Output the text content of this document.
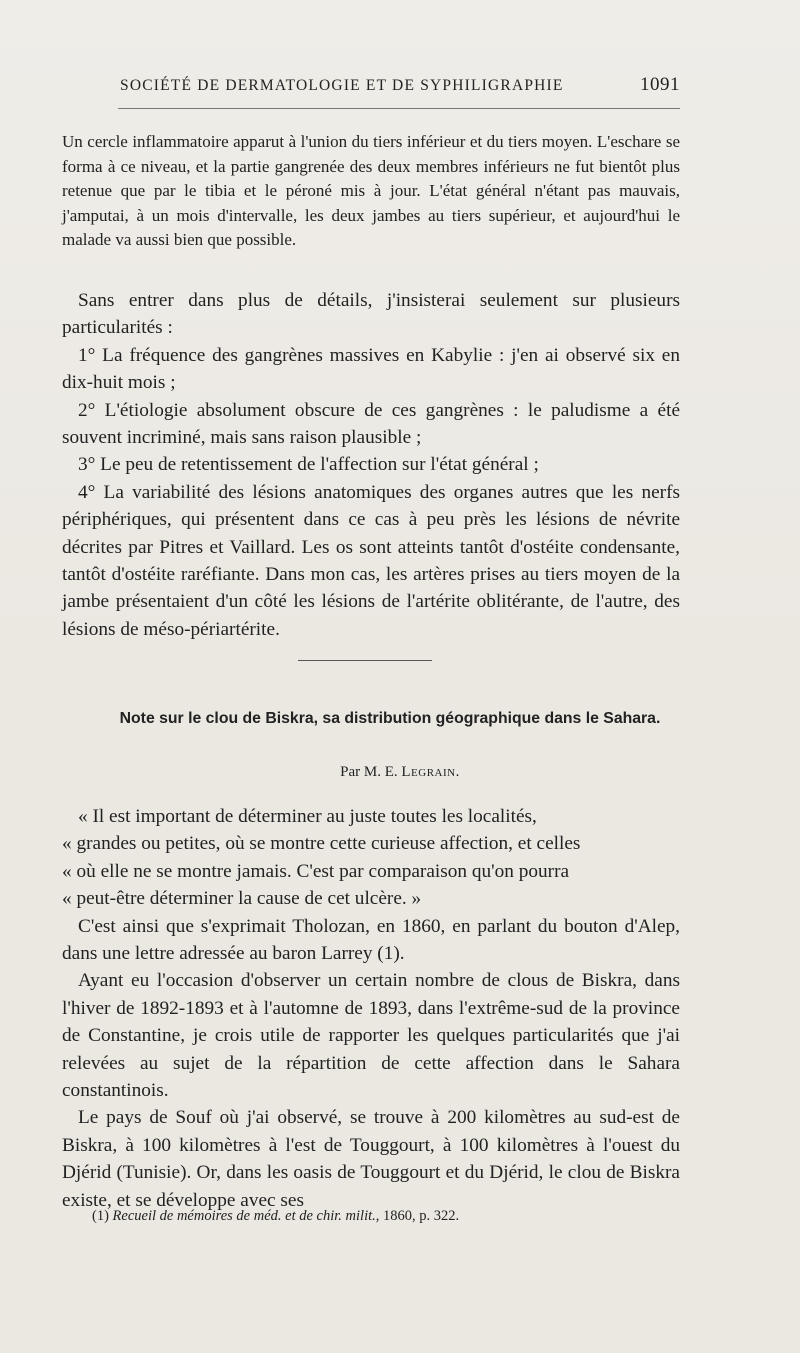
SOCIÉTÉ DE DERMATOLOGIE ET DE SYPHILIGRAPHIE	1091

Un cercle inflammatoire apparut à l'union du tiers inférieur et du tiers moyen. L'eschare se forma à ce niveau, et la partie gangrenée des deux membres inférieurs ne fut bientôt plus retenue que par le tibia et le péroné mis à jour. L'état général n'étant pas mauvais, j'amputai, à un mois d'intervalle, les deux jambes au tiers supérieur, et aujourd'hui le malade va aussi bien que possible.

Sans entrer dans plus de détails, j'insisterai seulement sur plusieurs particularités :

1° La fréquence des gangrènes massives en Kabylie : j'en ai observé six en dix-huit mois ;

2° L'étiologie absolument obscure de ces gangrènes : le paludisme a été souvent incriminé, mais sans raison plausible ;

3° Le peu de retentissement de l'affection sur l'état général ;

4° La variabilité des lésions anatomiques des organes autres que les nerfs périphériques, qui présentent dans ce cas à peu près les lésions de névrite décrites par Pitres et Vaillard. Les os sont atteints tantôt d'ostéite condensante, tantôt d'ostéite raréfiante. Dans mon cas, les artères prises au tiers moyen de la jambe présentaient d'un côté les lésions de l'artérite oblitérante, de l'autre, des lésions de méso-périartérite.

Note sur le clou de Biskra, sa distribution géographique dans le Sahara.
Par M. E. Legrain.

« Il est important de déterminer au juste toutes les localités,

« grandes ou petites, où se montre cette curieuse affection, et celles
« où elle ne se montre jamais. C'est par comparaison qu'on pourra
« peut-être déterminer la cause de cet ulcère. »

C'est ainsi que s'exprimait Tholozan, en 1860, en parlant du bouton d'Alep, dans une lettre adressée au baron Larrey (1).

Ayant eu l'occasion d'observer un certain nombre de clous de Biskra, dans l'hiver de 1892-1893 et à l'automne de 1893, dans l'extrême-sud de la province de Constantine, je crois utile de rapporter les quelques particularités que j'ai relevées au sujet de la répartition de cette affection dans le Sahara constantinois.

Le pays de Souf où j'ai observé, se trouve à 200 kilomètres au sud-est de Biskra, à 100 kilomètres à l'est de Touggourt, à 100 kilomètres à l'ouest du Djérid (Tunisie). Or, dans les oasis de Touggourt et du Djérid, le clou de Biskra existe, et se développe avec ses

(1) Recueil de mémoires de méd. et de chir. milit., 1860, p. 322.
